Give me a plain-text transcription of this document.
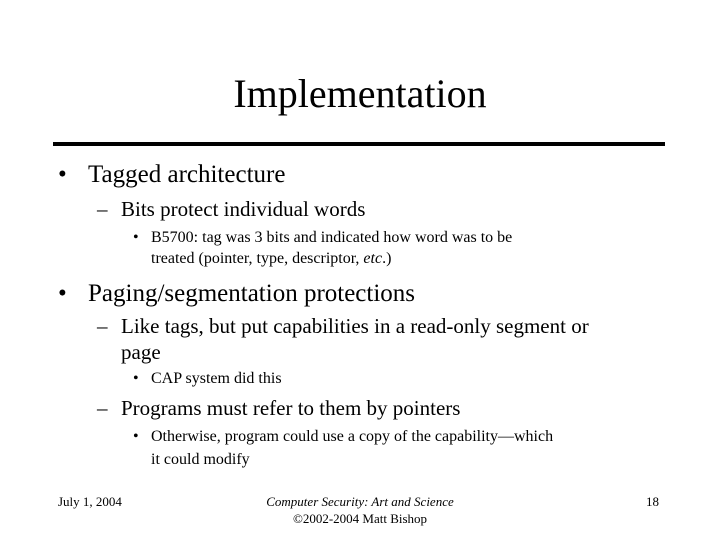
Implementation
• Tagged architecture
– Bits protect individual words
• B5700: tag was 3 bits and indicated how word was to be
treated (pointer, type, descriptor, etc.)
• Paging/segmentation protections
– Like tags, but put capabilities in a read-only segment or
page
• CAP system did this
– Programs must refer to them by pointers
• Otherwise, program could use a copy of the capability—which
it could modify
July 1, 2004	Computer Security: Art and Science
©2002-2004 Matt Bishop
18
